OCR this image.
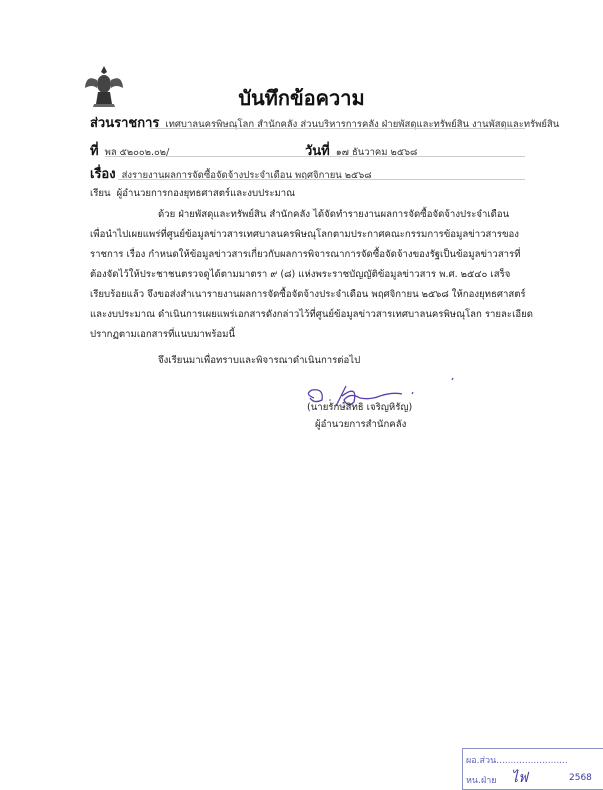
บันทึกข้อความ
ส่วนราชการ เทศบาลนครพิษณุโลก สำนักคลัง ส่วนบริหารการคลัง ฝ่ายพัสดุและทรัพย์สิน งานพัสดุและทรัพย์สิน
ที่ พล ๕๒๐๐๒.๐๒/	วันที่ ๑๗ ธันวาคม ๒๕๖๘
เรื่อง ส่งรายงานผลการจัดซื้อจัดจ้างประจำเดือน พฤศจิกายน ๒๕๖๘
เรียน ผู้อำนวยการกองยุทธศาสตร์และงบประมาณ
ด้วย ฝ่ายพัสดุและทรัพย์สิน สำนักคลัง ได้จัดทำรายงานผลการจัดซื้อจัดจ้างประจำเดือน
เพื่อนำไปเผยแพร่ที่ศูนย์ข้อมูลข่าวสารเทศบาลนครพิษณุโลกตามประกาศคณะกรรมการข้อมูลข่าวสารของ
ราชการ เรื่อง กำหนดให้ข้อมูลข่าวสารเกี่ยวกับผลการพิจารณาการจัดซื้อจัดจ้างของรัฐเป็นข้อมูลข่าวสารที่
ต้องจัดไว้ให้ประชาชนตรวจดูได้ตามมาตรา ๙ (๘) แห่งพระราชบัญญัติข้อมูลข่าวสาร พ.ศ. ๒๕๔๐ เสร็จ
เรียบร้อยแล้ว จึงขอส่งสำเนารายงานผลการจัดซื้อจัดจ้างประจำเดือน พฤศจิกายน ๒๕๖๘ ให้กองยุทธศาสตร์
และงบประมาณ ดำเนินการเผยแพร่เอกสารดังกล่าวไว้ที่ศูนย์ข้อมูลข่าวสารเทศบาลนครพิษณุโลก รายละเอียด
ปรากฏตามเอกสารที่แนบมาพร้อมนี้
จึงเรียนมาเพื่อทราบและพิจารณาดำเนินการต่อไป
(นายรักษ์สิทธิ เจริญหิรัญ)
ผู้อำนวยการสำนักคลัง
ผอ.ส่วน.........................
หน.ฝ่าย ไฟ	2568
